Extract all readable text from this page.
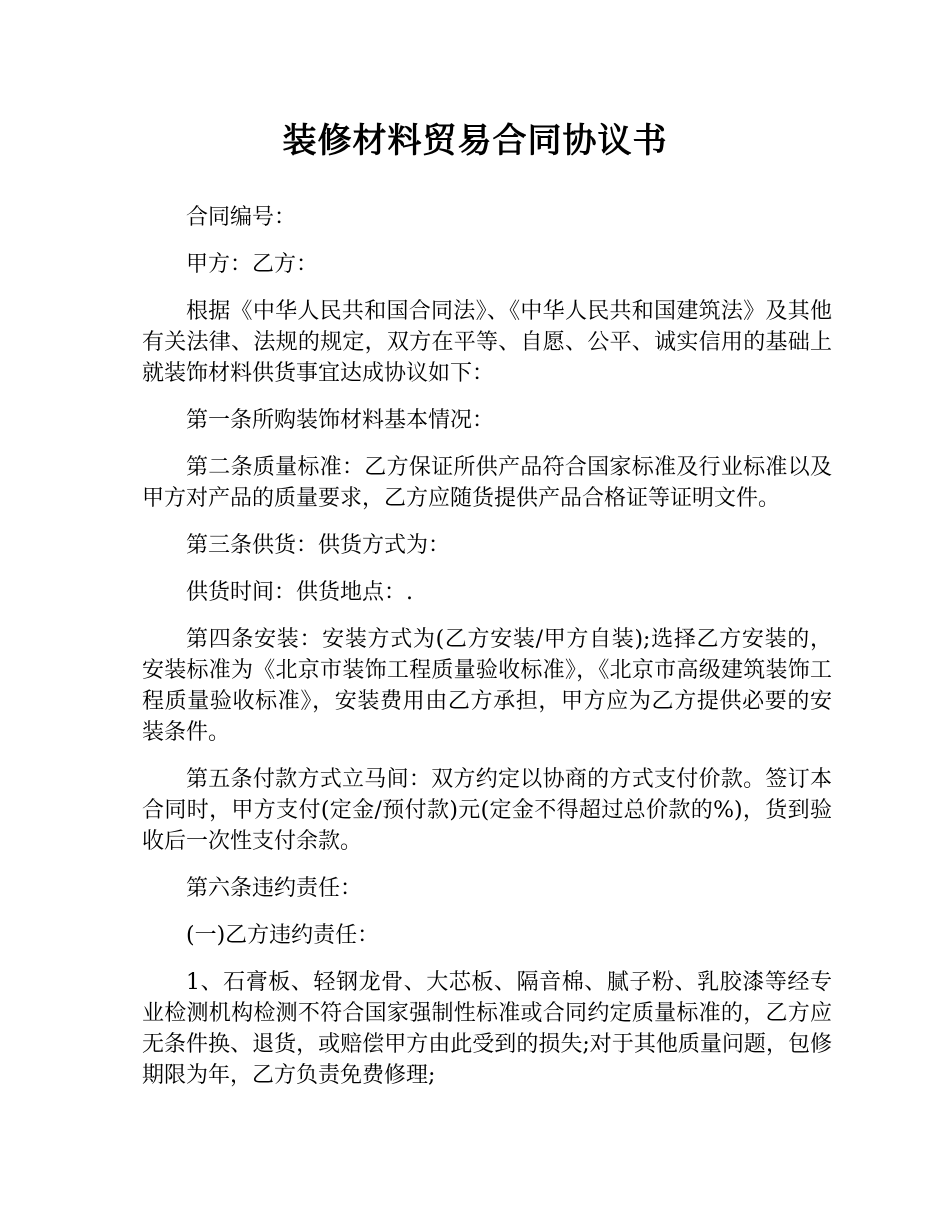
装修材料贸易合同协议书

合同编号：

甲方：乙方：

根据《中华人民共和国合同法》、《中华人民共和国建筑法》及其他有关法律、法规的规定，双方在平等、自愿、公平、诚实信用的基础上就装饰材料供货事宜达成协议如下：

第一条所购装饰材料基本情况：

第二条质量标准：乙方保证所供产品符合国家标准及行业标准以及甲方对产品的质量要求，乙方应随货提供产品合格证等证明文件。

第三条供货：供货方式为：

供货时间：供货地点：.

第四条安装：安装方式为(乙方安装/甲方自装);选择乙方安装的，安装标准为《北京市装饰工程质量验收标准》，《北京市高级建筑装饰工程质量验收标准》，安装费用由乙方承担，甲方应为乙方提供必要的安装条件。

第五条付款方式立马间：双方约定以协商的方式支付价款。签订本合同时，甲方支付(定金/预付款)元(定金不得超过总价款的%)，货到验收后一次性支付余款。

第六条违约责任：

(一)乙方违约责任：

1、石膏板、轻钢龙骨、大芯板、隔音棉、腻子粉、乳胶漆等经专业检测机构检测不符合国家强制性标准或合同约定质量标准的，乙方应无条件换、退货，或赔偿甲方由此受到的损失;对于其他质量问题，包修期限为年，乙方负责免费修理;
